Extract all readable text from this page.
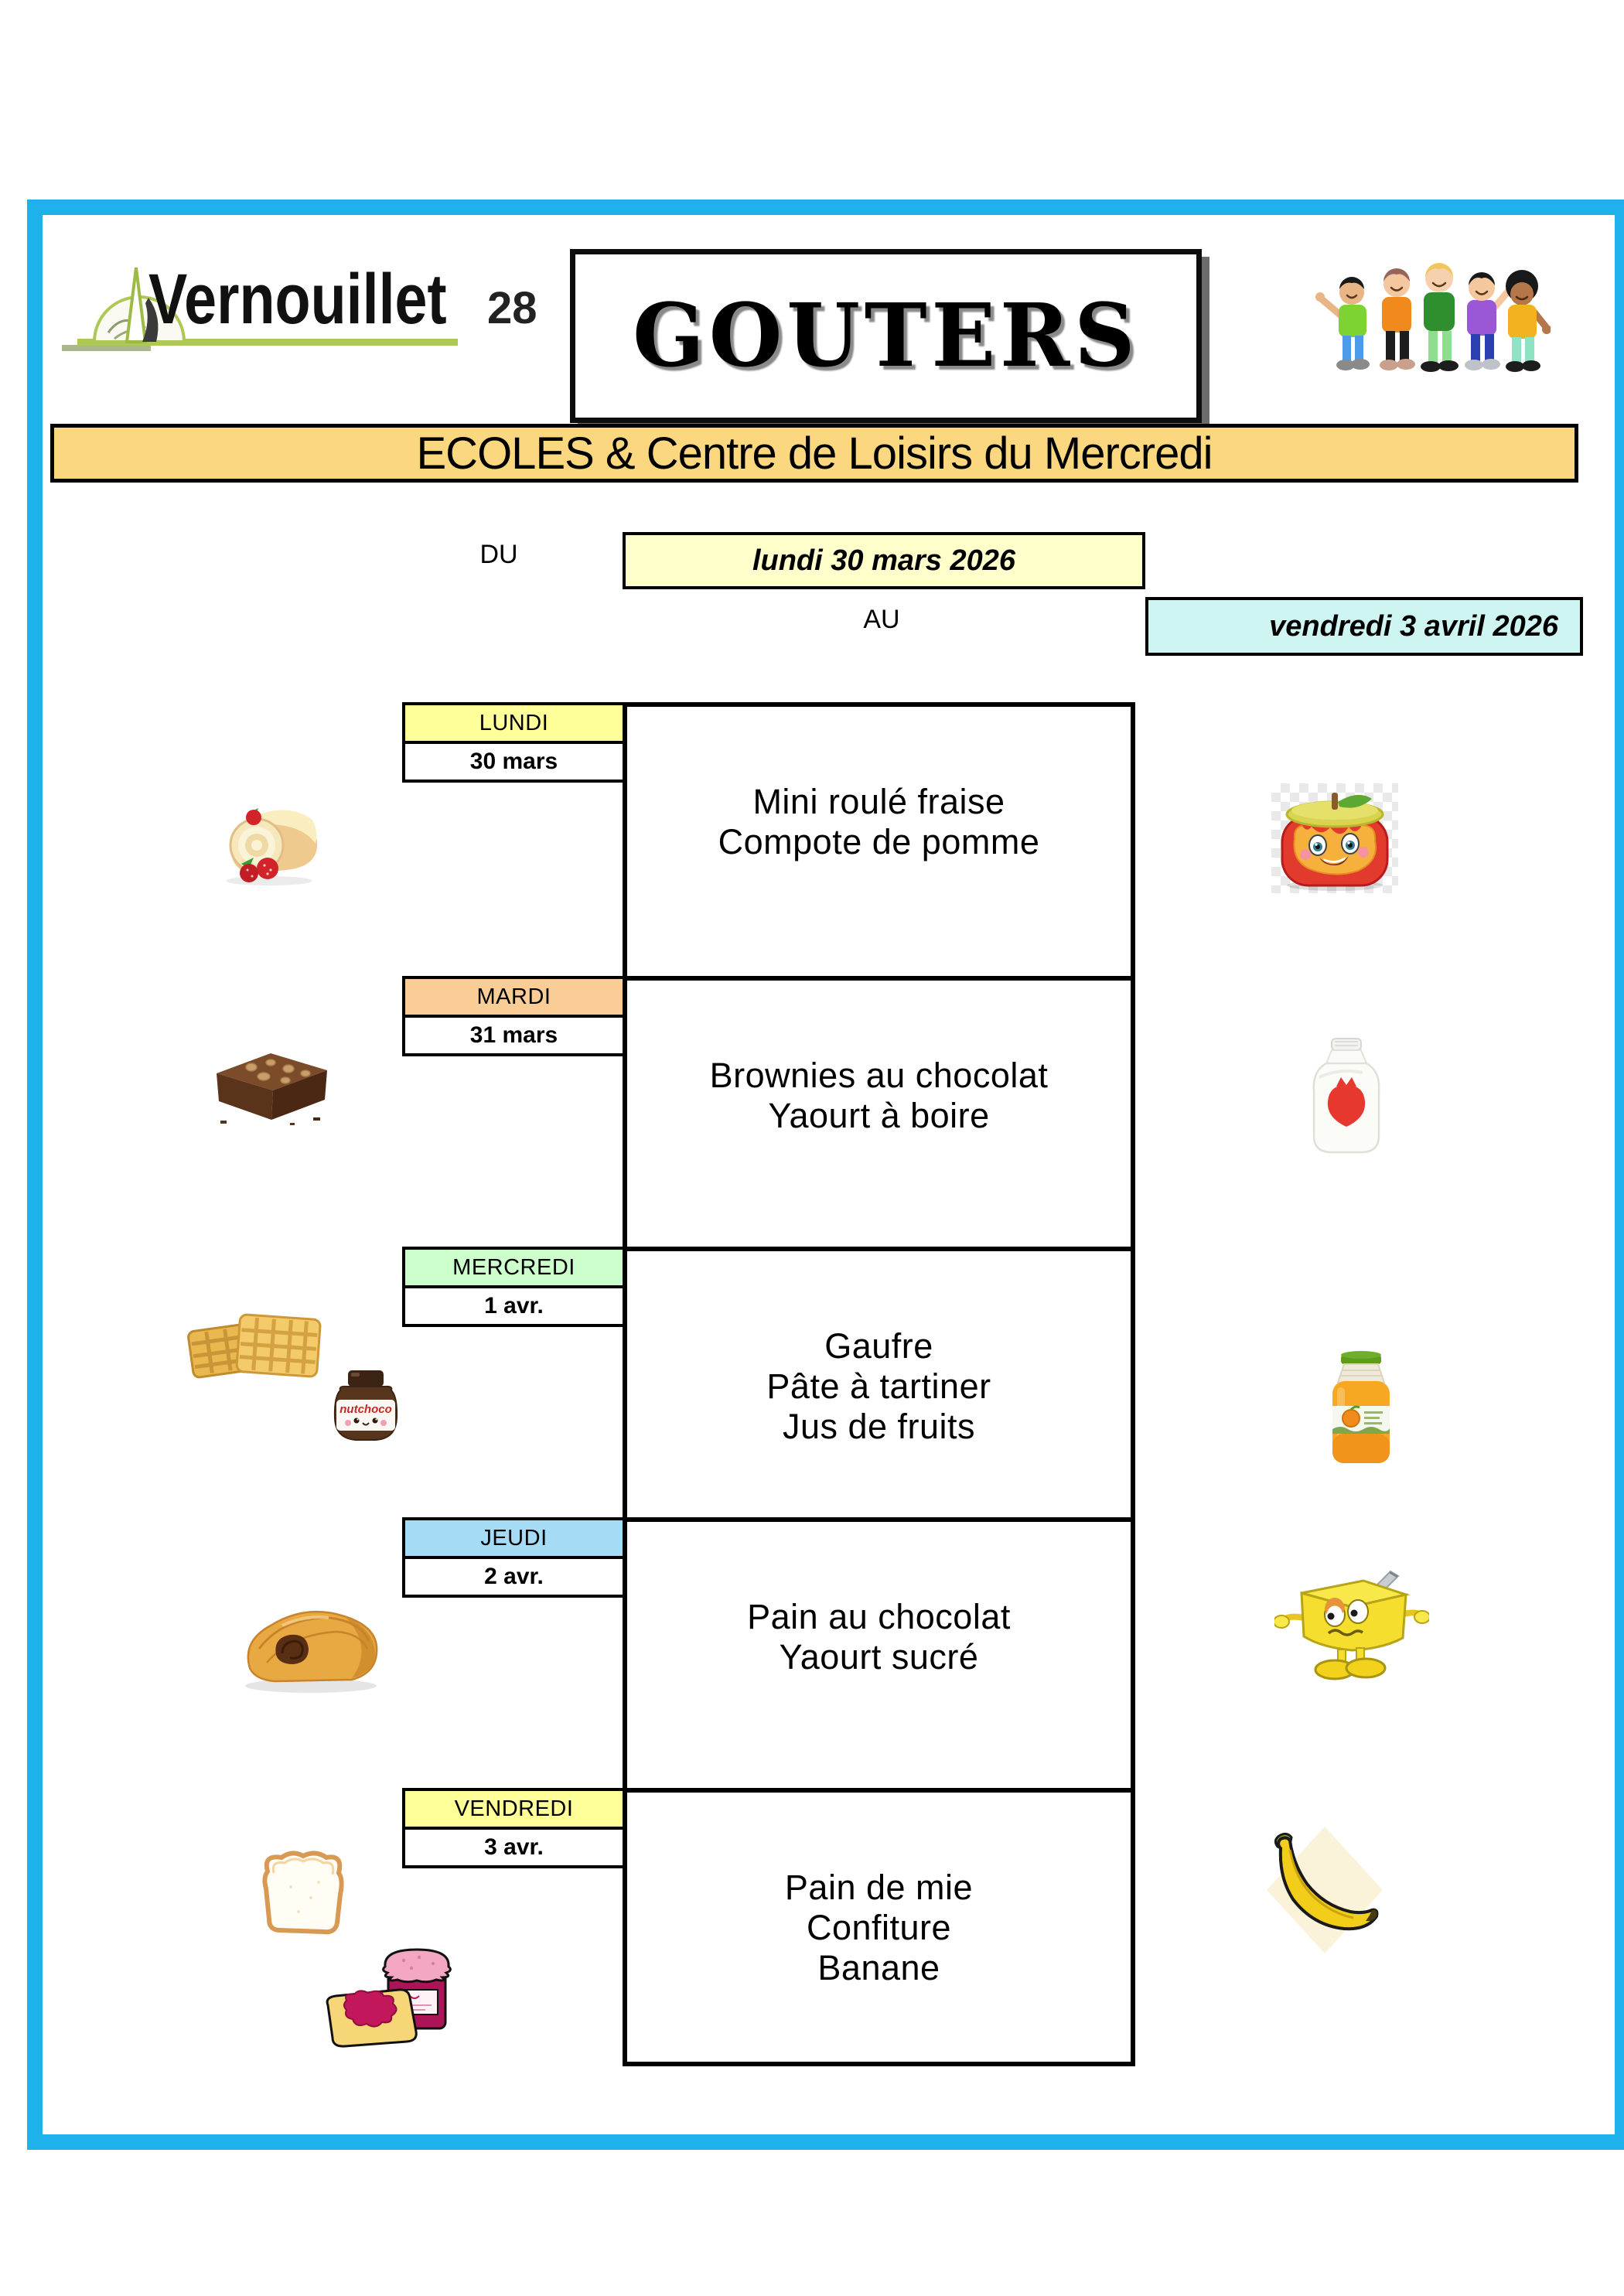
Vernouillet 28 GOUTERS
ECOLES & Centre de Loisirs du Mercredi
DU	lundi 30 mars 2026
AU	vendredi 3 avril 2026
LUNDI
30 mars
MARDI
31 mars
MERCREDI
1 avr.
JEUDI
2 avr.
VENDREDI
3 avr.
Mini roulé fraise
Compote de pomme
Brownies au chocolat
Yaourt à boire
Gaufre
Pâte à tartiner
Jus de fruits
Pain au chocolat
Yaourt sucré
Pain de mie
Confiture
Banane
nutchoco
